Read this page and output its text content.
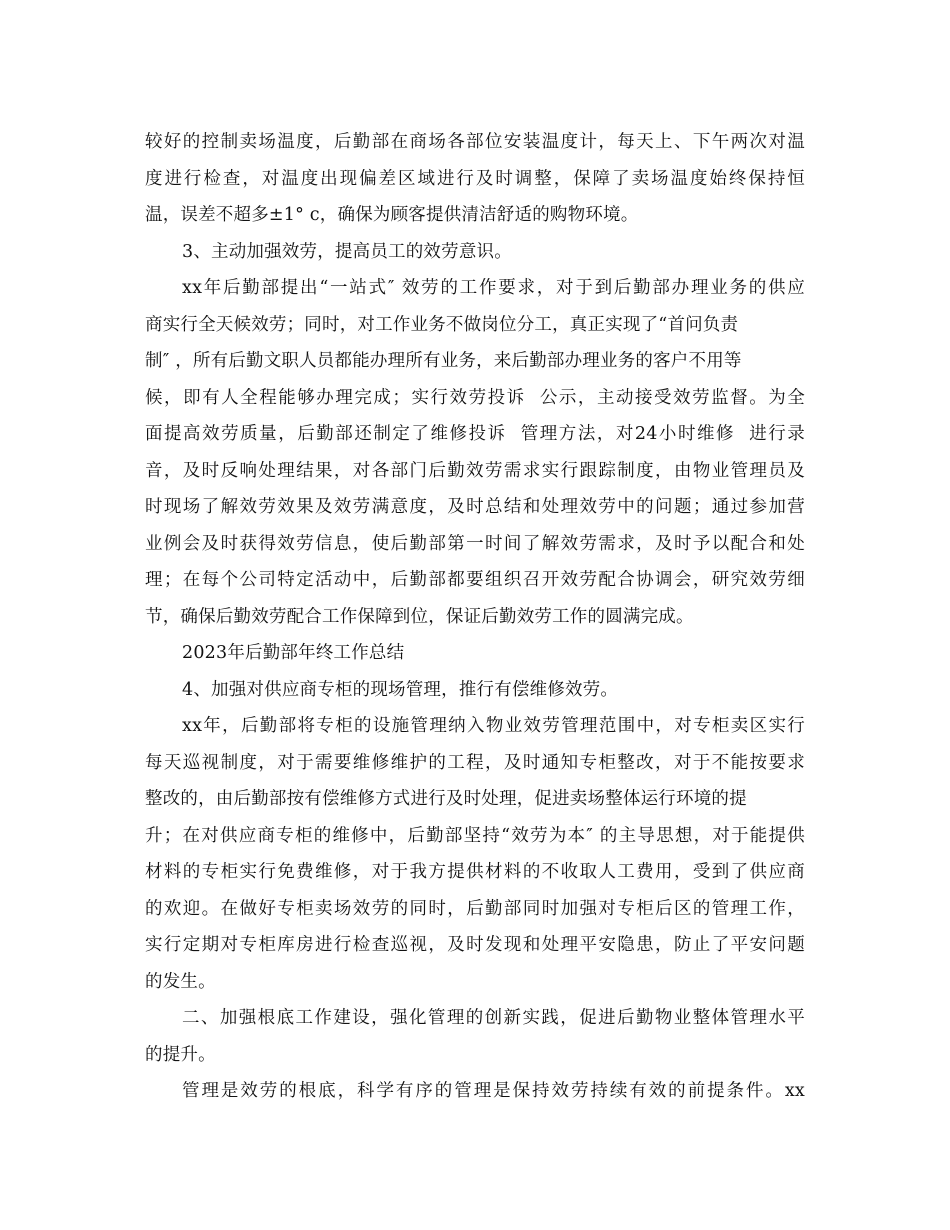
较好的控制卖场温度，后勤部在商场各部位安装温度计，每天上、下午两次对温
度进行检查，对温度出现偏差区域进行及时调整，保障了卖场温度始终保持恒
温，误差不超多±1° c，确保为顾客提供清洁舒适的购物环境。
3、主动加强效劳，提高员工的效劳意识。
xx年后勤部提出“一站式″ 效劳的工作要求，对于到后勤部办理业务的供应
商实行全天候效劳；同时，对工作业务不做岗位分工，真正实现了“首问负责
制″ ，所有后勤文职人员都能办理所有业务，来后勤部办理业务的客户不用等
候，即有人全程能够办理完成；实行效劳投诉  公示，主动接受效劳监督。为全
面提高效劳质量，后勤部还制定了维修投诉  管理方法，对24小时维修  进行录
音，及时反响处理结果，对各部门后勤效劳需求实行跟踪制度，由物业管理员及
时现场了解效劳效果及效劳满意度，及时总结和处理效劳中的问题；通过参加营
业例会及时获得效劳信息，使后勤部第一时间了解效劳需求，及时予以配合和处
理；在每个公司特定活动中，后勤部都要组织召开效劳配合协调会，研究效劳细
节，确保后勤效劳配合工作保障到位，保证后勤效劳工作的圆满完成。
2023年后勤部年终工作总结
4、加强对供应商专柜的现场管理，推行有偿维修效劳。
xx年，后勤部将专柜的设施管理纳入物业效劳管理范围中，对专柜卖区实行
每天巡视制度，对于需要维修维护的工程，及时通知专柜整改，对于不能按要求
整改的，由后勤部按有偿维修方式进行及时处理，促进卖场整体运行环境的提
升；在对供应商专柜的维修中，后勤部坚持“效劳为本″ 的主导思想，对于能提供
材料的专柜实行免费维修，对于我方提供材料的不收取人工费用，受到了供应商
的欢迎。在做好专柜卖场效劳的同时，后勤部同时加强对专柜后区的管理工作，
实行定期对专柜库房进行检查巡视，及时发现和处理平安隐患，防止了平安问题
的发生。
二、加强根底工作建设，强化管理的创新实践，促进后勤物业整体管理水平
的提升。
管理是效劳的根底，科学有序的管理是保持效劳持续有效的前提条件。xx
